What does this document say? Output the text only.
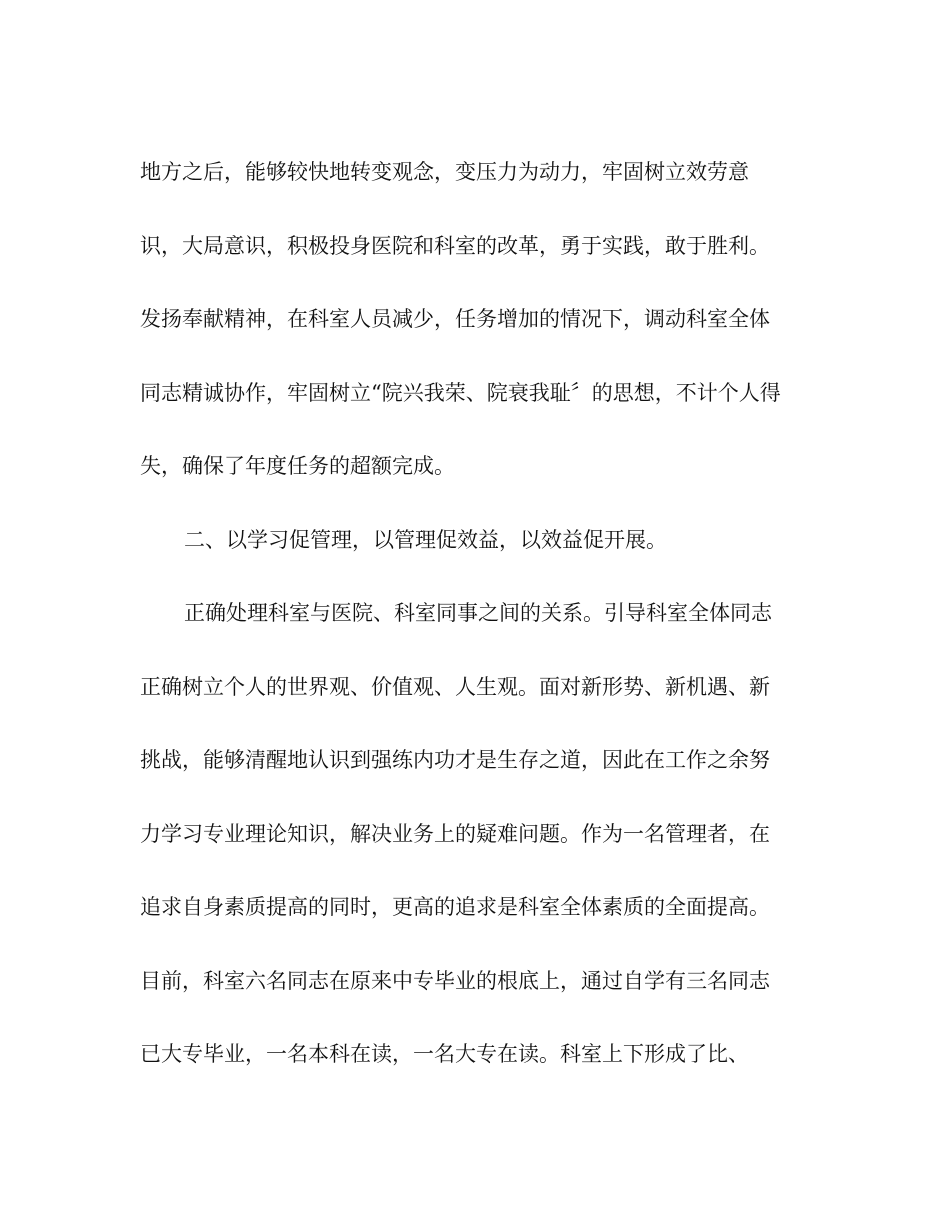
地方之后，能够较快地转变观念，变压力为动力，牢固树立效劳意
识，大局意识，积极投身医院和科室的改革，勇于实践，敢于胜利。
发扬奉献精神，在科室人员减少，任务增加的情况下，调动科室全体
同志精诚协作，牢固树立“院兴我荣、院衰我耻〞的思想，不计个人得
失，确保了年度任务的超额完成。
二、以学习促管理，以管理促效益，以效益促开展。
正确处理科室与医院、科室同事之间的关系。引导科室全体同志
正确树立个人的世界观、价值观、人生观。面对新形势、新机遇、新
挑战，能够清醒地认识到强练内功才是生存之道，因此在工作之余努
力学习专业理论知识，解决业务上的疑难问题。作为一名管理者，在
追求自身素质提高的同时，更高的追求是科室全体素质的全面提高。
目前，科室六名同志在原来中专毕业的根底上，通过自学有三名同志
已大专毕业，一名本科在读，一名大专在读。科室上下形成了比、
